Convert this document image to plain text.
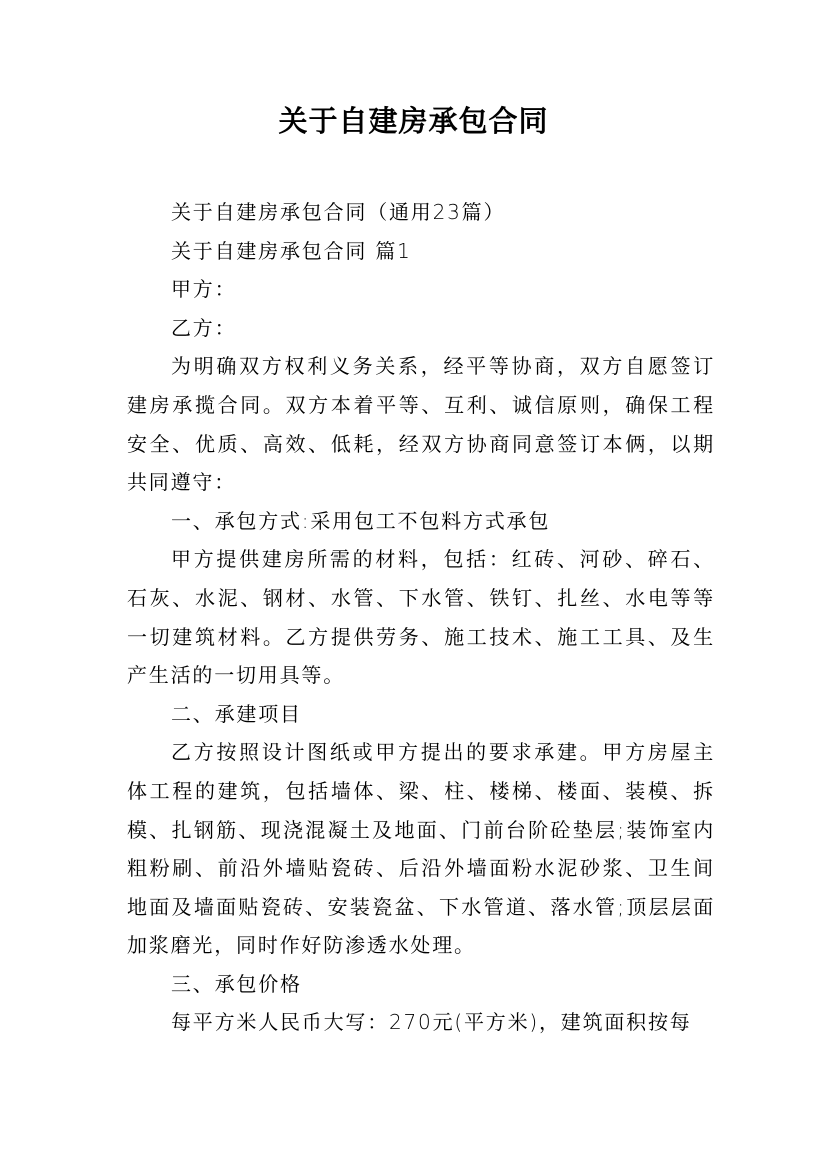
关于自建房承包合同

关于自建房承包合同（通用23篇）

关于自建房承包合同 篇1

甲方：

乙方：

为明确双方权利义务关系，经平等协商，双方自愿签订建房承揽合同。双方本着平等、互利、诚信原则，确保工程安全、优质、高效、低耗，经双方协商同意签订本俩，以期共同遵守：

一、承包方式:采用包工不包料方式承包

甲方提供建房所需的材料，包括：红砖、河砂、碎石、石灰、水泥、钢材、水管、下水管、铁钉、扎丝、水电等等一切建筑材料。乙方提供劳务、施工技术、施工工具、及生产生活的一切用具等。

二、承建项目

乙方按照设计图纸或甲方提出的要求承建。甲方房屋主体工程的建筑，包括墙体、梁、柱、楼梯、楼面、装模、拆模、扎钢筋、现浇混凝土及地面、门前台阶砼垫层;装饰室内粗粉刷、前沿外墙贴瓷砖、后沿外墙面粉水泥砂浆、卫生间地面及墙面贴瓷砖、安装瓷盆、下水管道、落水管;顶层层面加浆磨光，同时作好防渗透水处理。

三、承包价格

每平方米人民币大写：270元(平方米)，建筑面积按每
